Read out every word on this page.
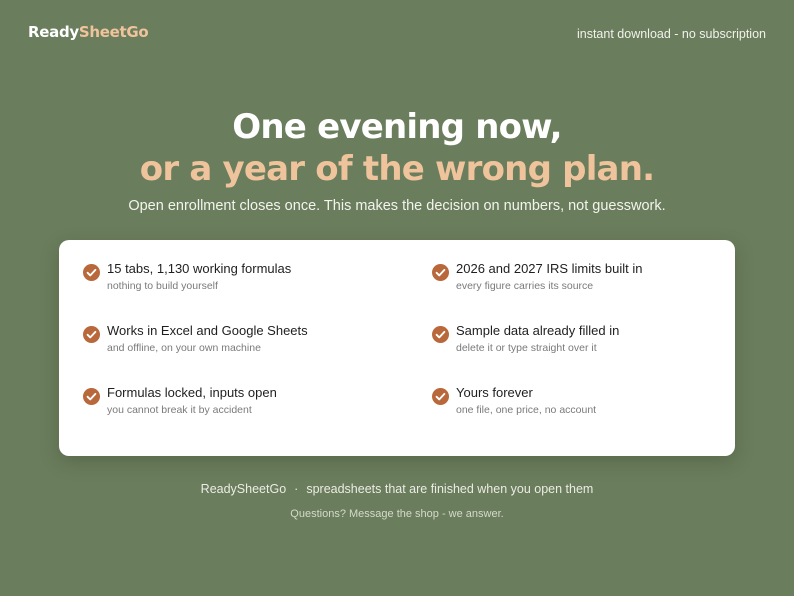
ReadySheetGo	instant download - no subscription
One evening now,
or a year of the wrong plan.

Open enrollment closes once. This makes the decision on numbers, not guesswork.

15 tabs, 1,130 working formulas
nothing to build yourself
2026 and 2027 IRS limits built in
every figure carries its source
Works in Excel and Google Sheets
and offline, on your own machine
Sample data already filled in
delete it or type straight over it
Formulas locked, inputs open
you cannot break it by accident
Yours forever
one file, one price, no account

ReadySheetGo · spreadsheets that are finished when you open them

Questions? Message the shop - we answer.
